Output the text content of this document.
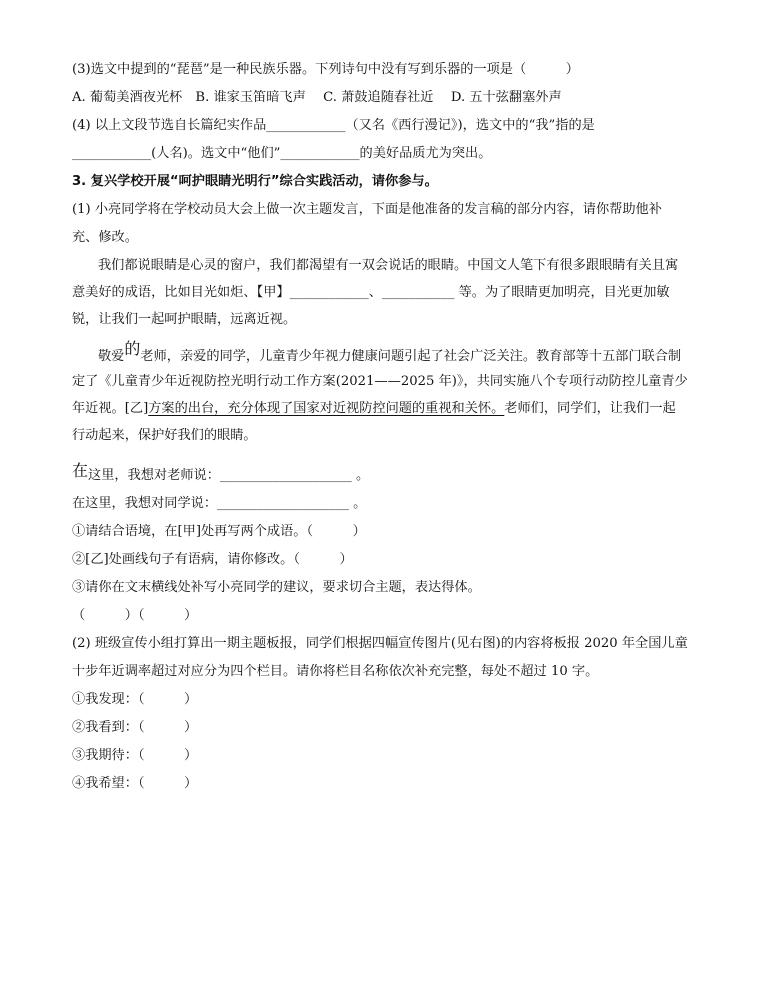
(3)选文中提到的“琵琶”是一种民族乐器。下列诗句中没有写到乐器的一项是（　　　）
A. 葡萄美酒夜光杯　B. 谁家玉笛暗飞声　 C. 萧鼓追随春社近　 D. 五十弦翻塞外声
(4) 以上文段节选自长篇纪实作品____________（又名《西行漫记》)，选文中的“我”指的是
____________(人名)。选文中“他们”____________的美好品质尤为突出。
3. 复兴学校开展“呵护眼睛光明行”综合实践活动，请你参与。
(1) 小亮同学将在学校动员大会上做一次主题发言，下面是他准备的发言稿的部分内容，请你帮助他补
充、修改。
我们都说眼睛是心灵的窗户，我们都渴望有一双会说话的眼睛。中国文人笔下有很多跟眼睛有关且寓
意美好的成语，比如目光如炬、【甲】____________、___________ 等。为了眼睛更加明亮，目光更加敏
锐，让我们一起呵护眼睛，远离近视。
敬爱的老师，亲爱的同学，儿童青少年视力健康问题引起了社会广泛关注。教育部等十五部门联合制
定了《儿童青少年近视防控光明行动工作方案(2021——2025 年)》，共同实施八个专项行动防控儿童青少
年近视。[乙]方案的出台，充分体现了国家对近视防控问题的重视和关怀。老师们，同学们，让我们一起
行动起来，保护好我们的眼睛。
在这里，我想对老师说：____________________ 。
在这里，我想对同学说：____________________ 。
①请结合语境，在[甲]处再写两个成语。（　　　）
②[乙]处画线句子有语病，请你修改。（　　　）
③请你在文末横线处补写小亮同学的建议，要求切合主题，表达得体。
（　　　）（　　　）
(2) 班级宣传小组打算出一期主题板报，同学们根据四幅宣传图片(见右图)的内容将板报 2020 年全国儿童
十步年近调率超过对应分为四个栏目。请你将栏目名称依次补充完整，每处不超过 10 字。
①我发现：（　　　）
②我看到：（　　　）
③我期待：（　　　）
④我希望：（　　　）
